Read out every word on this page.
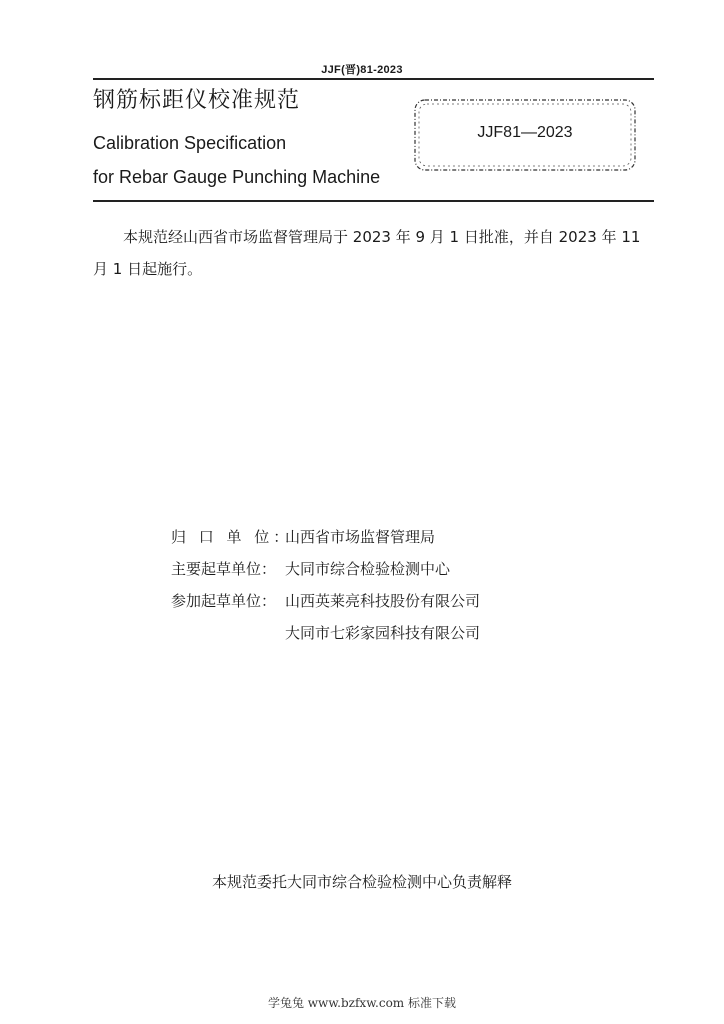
JJF(晋)81-2023
钢筋标距仪校准规范
Calibration Specification
for Rebar Gauge Punching Machine
JJF81—2023
本规范经山西省市场监督管理局于 2023 年 9 月 1 日批准，并自 2023 年 11 月 1 日起施行。
归 口 单 位：山西省市场监督管理局
主要起草单位： 大同市综合检验检测中心
参加起草单位： 山西英莱亮科技股份有限公司
大同市七彩家园科技有限公司
本规范委托大同市综合检验检测中心负责解释
学兔兔 www.bzfxw.com 标准下载
